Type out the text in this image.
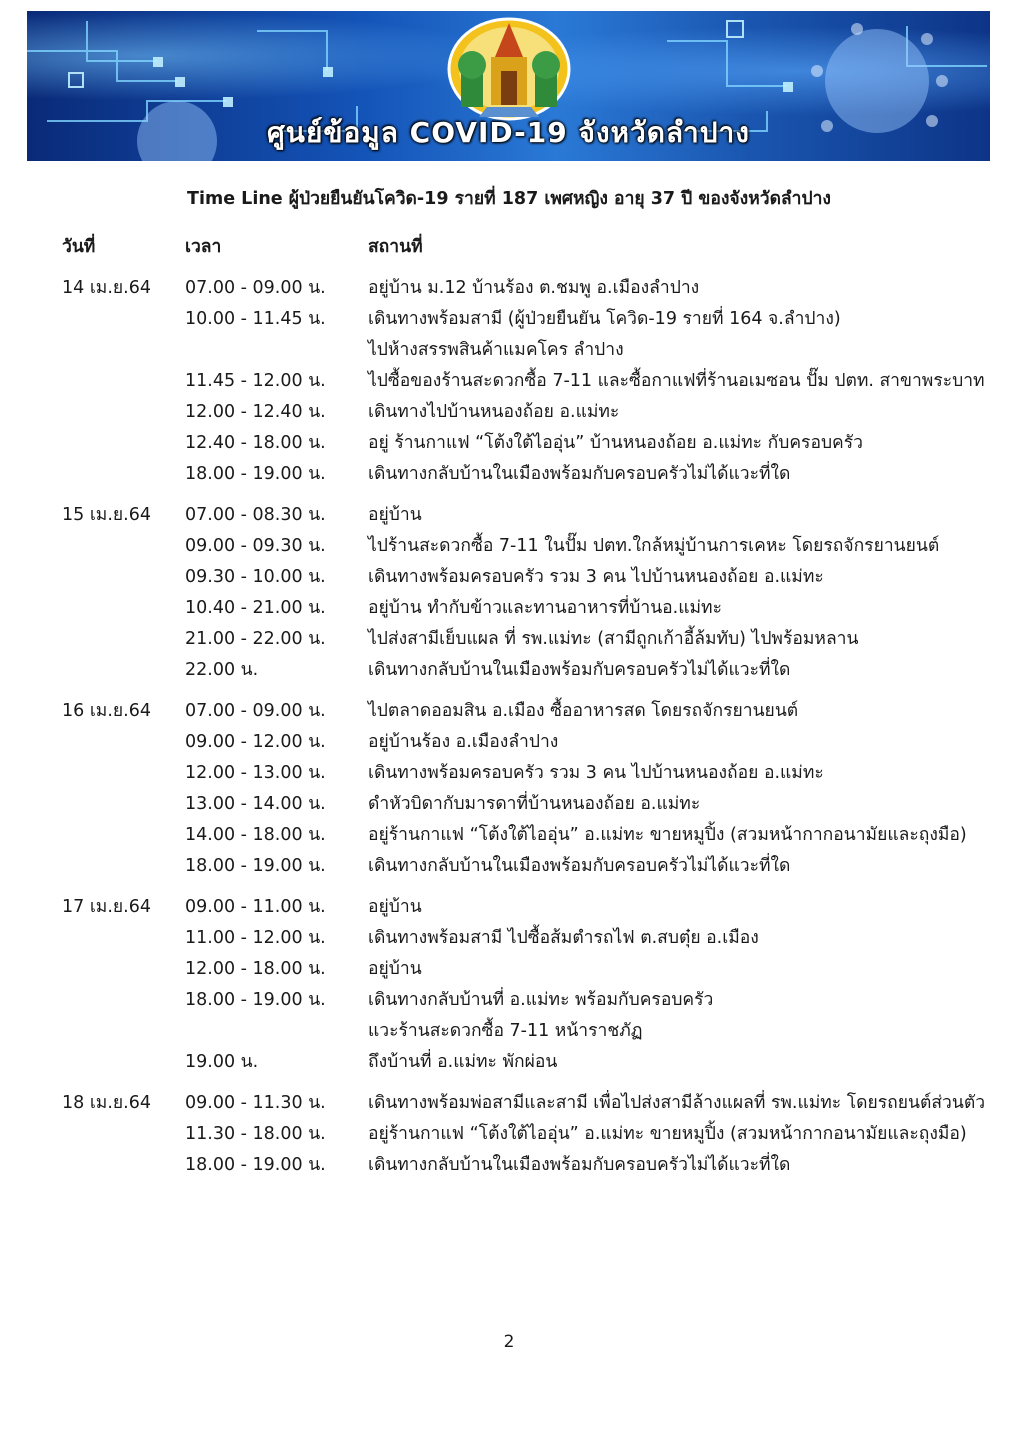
ศูนย์ข้อมูล COVID-19 จังหวัดลำปาง
Time Line ผู้ป่วยยืนยันโควิด-19 รายที่ 187 เพศหญิง อายุ 37 ปี ของจังหวัดลำปาง
วันที่	เวลา	สถานที่
14 เม.ย.64 07.00 - 09.00 น. อยู่บ้าน ม.12 บ้านร้อง ต.ชมพู อ.เมืองลำปาง
10.00 - 11.45 น. เดินทางพร้อมสามี (ผู้ป่วยยืนยัน โควิด-19 รายที่ 164 จ.ลำปาง)
ไปห้างสรรพสินค้าแมคโคร ลำปาง
11.45 - 12.00 น. ไปซื้อของร้านสะดวกซื้อ 7-11 และซื้อกาแฟที่ร้านอเมซอน ปั๊ม ปตท. สาขาพระบาท
12.00 - 12.40 น. เดินทางไปบ้านหนองถ้อย อ.แม่ทะ
12.40 - 18.00 น. อยู่ ร้านกาแฟ “โต้งใต้ไออุ่น” บ้านหนองถ้อย อ.แม่ทะ กับครอบครัว
18.00 - 19.00 น. เดินทางกลับบ้านในเมืองพร้อมกับครอบครัวไม่ได้แวะที่ใด
15 เม.ย.64 07.00 - 08.30 น. อยู่บ้าน
09.00 - 09.30 น. ไปร้านสะดวกซื้อ 7-11 ในปั๊ม ปตท.ใกล้หมู่บ้านการเคหะ โดยรถจักรยานยนต์
09.30 - 10.00 น. เดินทางพร้อมครอบครัว รวม 3 คน ไปบ้านหนองถ้อย อ.แม่ทะ
10.40 - 21.00 น. อยู่บ้าน ทำกับข้าวและทานอาหารที่บ้านอ.แม่ทะ
21.00 - 22.00 น. ไปส่งสามีเย็บแผล ที่ รพ.แม่ทะ (สามีถูกเก้าอี้ล้มทับ) ไปพร้อมหลาน
22.00 น.	เดินทางกลับบ้านในเมืองพร้อมกับครอบครัวไม่ได้แวะที่ใด
16 เม.ย.64 07.00 - 09.00 น. ไปตลาดออมสิน อ.เมือง ซื้ออาหารสด โดยรถจักรยานยนต์
09.00 - 12.00 น. อยู่บ้านร้อง อ.เมืองลำปาง
12.00 - 13.00 น. เดินทางพร้อมครอบครัว รวม 3 คน ไปบ้านหนองถ้อย อ.แม่ทะ
13.00 - 14.00 น. ดำหัวบิดากับมารดาที่บ้านหนองถ้อย อ.แม่ทะ
14.00 - 18.00 น. อยู่ร้านกาแฟ “โต้งใต้ไออุ่น” อ.แม่ทะ ขายหมูปิ้ง (สวมหน้ากากอนามัยและถุงมือ)
18.00 - 19.00 น. เดินทางกลับบ้านในเมืองพร้อมกับครอบครัวไม่ได้แวะที่ใด
17 เม.ย.64 09.00 - 11.00 น. อยู่บ้าน
11.00 - 12.00 น. เดินทางพร้อมสามี ไปซื้อส้มตำรถไฟ ต.สบตุ๋ย อ.เมือง
12.00 - 18.00 น. อยู่บ้าน
18.00 - 19.00 น. เดินทางกลับบ้านที่ อ.แม่ทะ พร้อมกับครอบครัว
แวะร้านสะดวกซื้อ 7-11 หน้าราชภัฏ
19.00 น.	ถึงบ้านที่ อ.แม่ทะ พักผ่อน
18 เม.ย.64 09.00 - 11.30 น. เดินทางพร้อมพ่อสามีและสามี เพื่อไปส่งสามีล้างแผลที่ รพ.แม่ทะ โดยรถยนต์ส่วนตัว
11.30 - 18.00 น. อยู่ร้านกาแฟ “โต้งใต้ไออุ่น” อ.แม่ทะ ขายหมูปิ้ง (สวมหน้ากากอนามัยและถุงมือ)
18.00 - 19.00 น. เดินทางกลับบ้านในเมืองพร้อมกับครอบครัวไม่ได้แวะที่ใด
2
